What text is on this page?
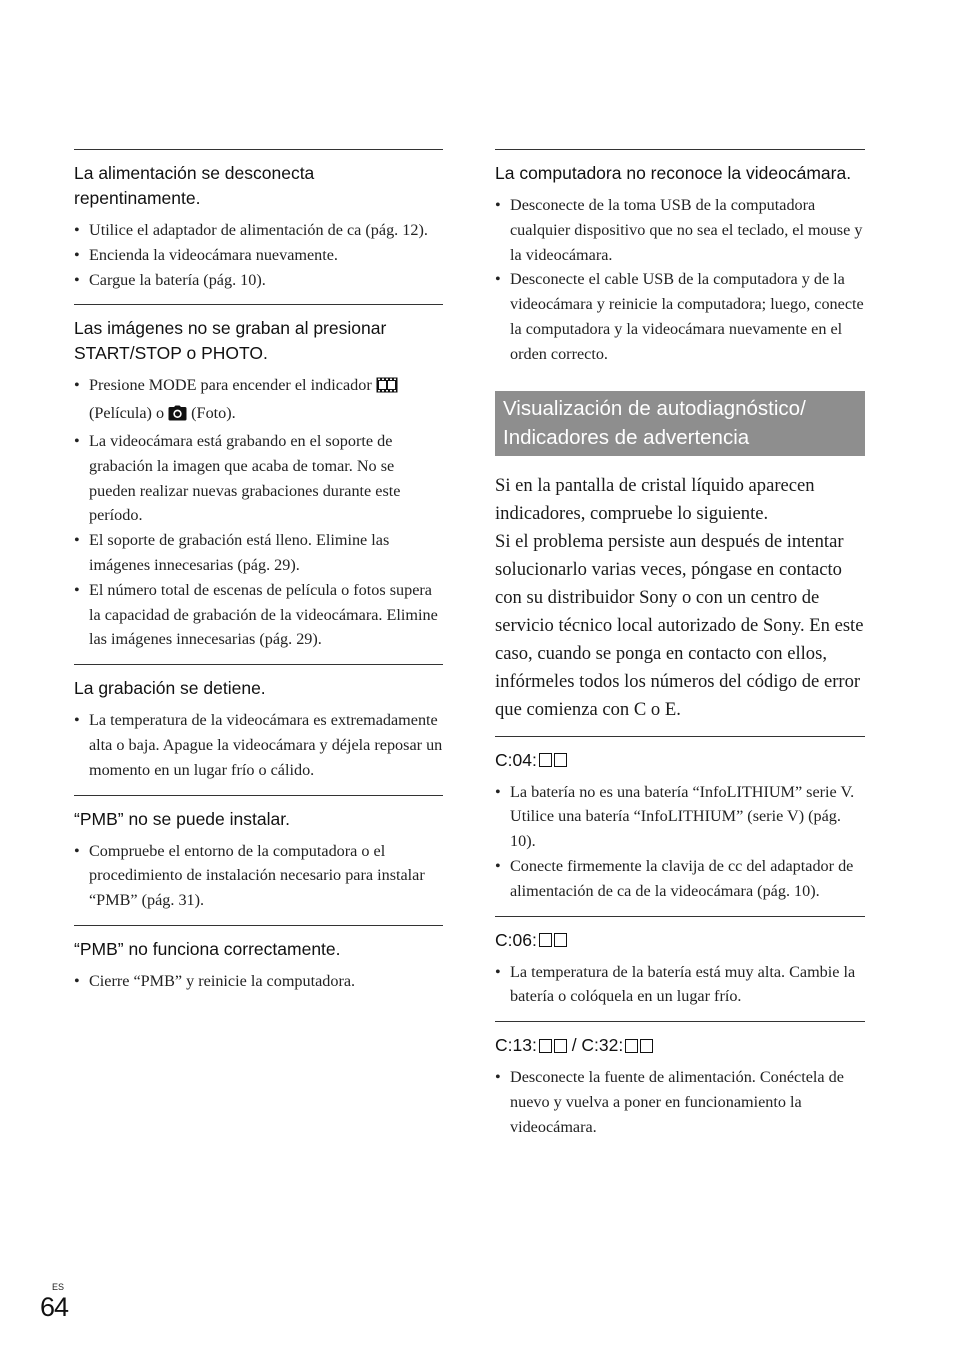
La alimentación se desconecta repentinamente.
• Utilice el adaptador de alimentación de ca (pág. 12).
• Encienda la videocámara nuevamente.
• Cargue la batería (pág. 10).
Las imágenes no se graban al presionar START/STOP o PHOTO.
• Presione MODE para encender el indicador  (Película) o (Foto).
• La videocámara está grabando en el soporte de grabación la imagen que acaba de tomar. No se pueden realizar nuevas grabaciones durante este período.
• El soporte de grabación está lleno. Elimine las imágenes innecesarias (pág. 29).
• El número total de escenas de película o fotos supera la capacidad de grabación de la videocámara. Elimine las imágenes innecesarias (pág. 29).
La grabación se detiene.
• La temperatura de la videocámara es extremadamente alta o baja. Apague la videocámara y déjela reposar un momento en un lugar frío o cálido.
“PMB” no se puede instalar.
• Compruebe el entorno de la computadora o el procedimiento de instalación necesario para instalar “PMB” (pág. 31).
“PMB” no funciona correctamente.
• Cierre “PMB” y reinicie la computadora.
La computadora no reconoce la videocámara.
• Desconecte de la toma USB de la computadora cualquier dispositivo que no sea el teclado, el mouse y la videocámara.
• Desconecte el cable USB de la computadora y de la videocámara y reinicie la computadora; luego, conecte la computadora y la videocámara nuevamente en el orden correcto.
Visualización de autodiagnóstico/ Indicadores de advertencia

Si en la pantalla de cristal líquido aparecen indicadores, compruebe lo siguiente.
Si el problema persiste aun después de intentar solucionarlo varias veces, póngase en contacto con su distribuidor Sony o con un centro de servicio técnico local autorizado de Sony. En este caso, cuando se ponga en contacto con ellos, infórmeles todos los números del código de error que comienza con C o E.

C:04:
• La batería no es una batería “InfoLITHIUM” serie V. Utilice una batería “InfoLITHIUM” (serie V) (pág. 10).
• Conecte firmemente la clavija de cc del adaptador de alimentación de ca de la videocámara (pág. 10).
C:06:
• La temperatura de la batería está muy alta. Cambie la batería o colóquela en un lugar frío.
C:13: / C:32:
• Desconecte la fuente de alimentación. Conéctela de nuevo y vuelva a poner en funcionamiento la videocámara.
ES
64
